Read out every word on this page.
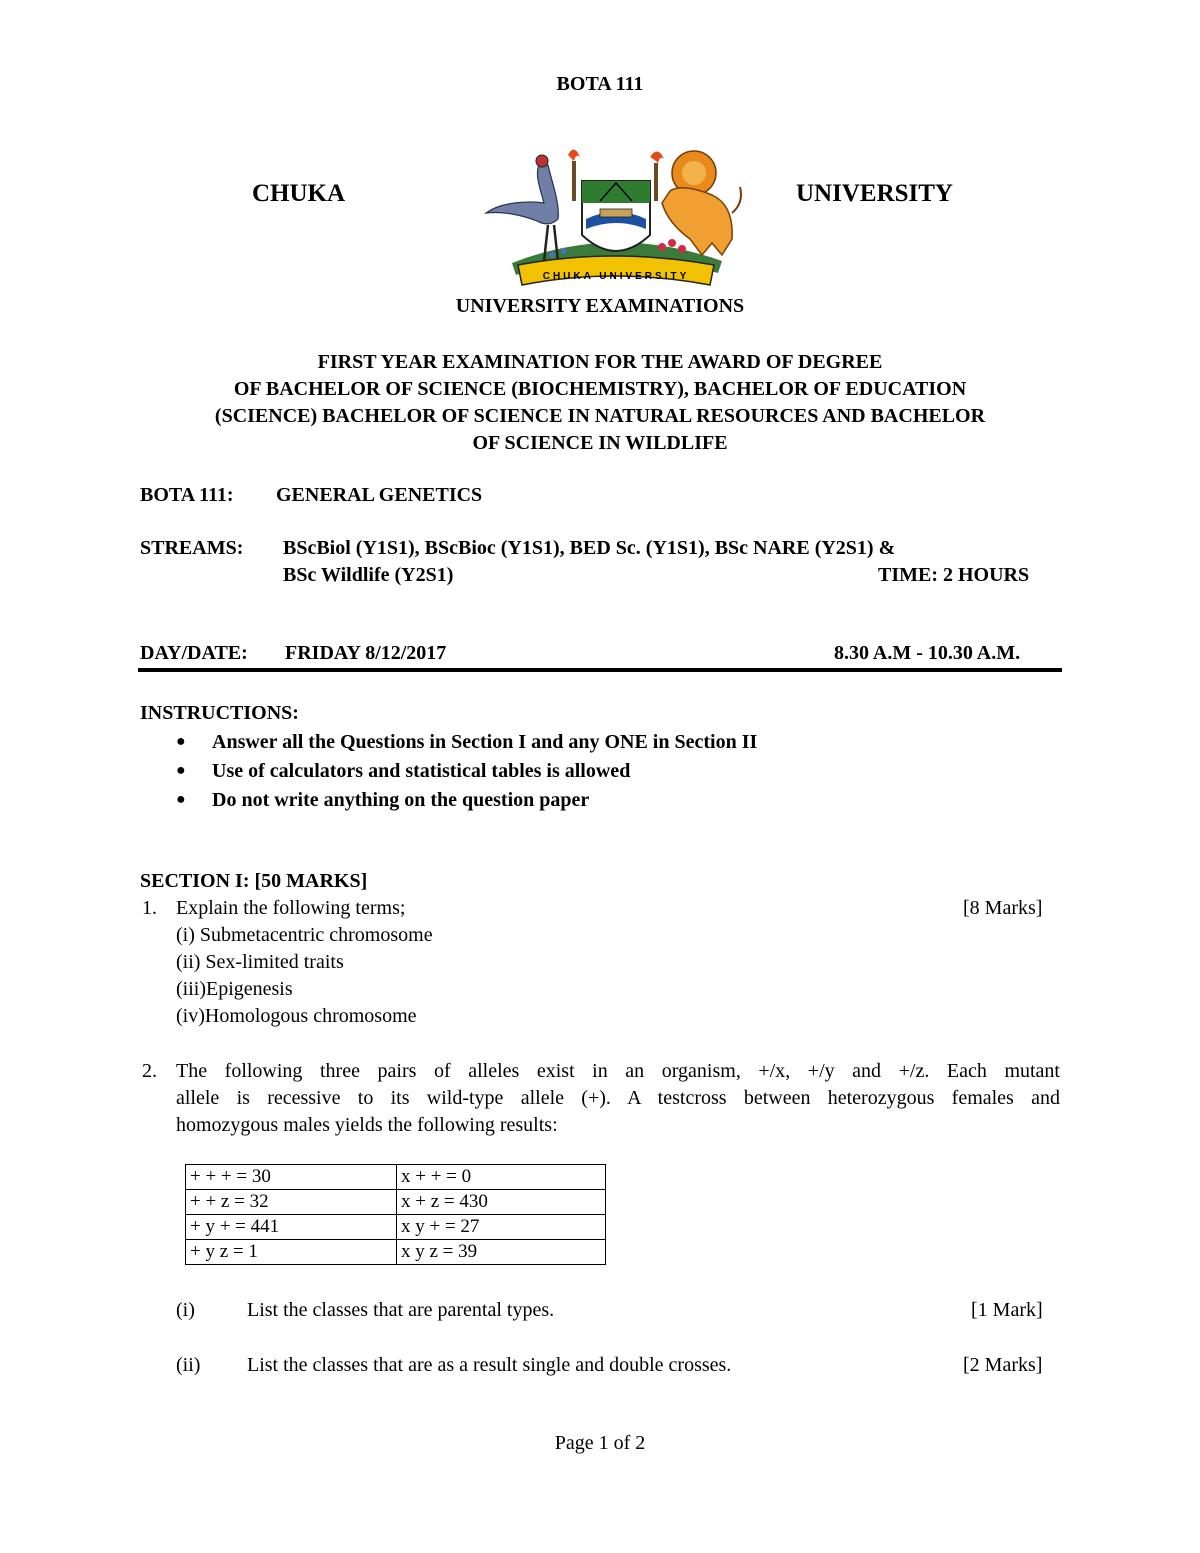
BOTA 111
CHUKA	UNIVERSITY
CHUKA UNIVERSITY
UNIVERSITY EXAMINATIONS
FIRST YEAR EXAMINATION FOR THE AWARD OF DEGREE
OF BACHELOR OF SCIENCE (BIOCHEMISTRY), BACHELOR OF EDUCATION
(SCIENCE) BACHELOR OF SCIENCE IN NATURAL RESOURCES AND BACHELOR
OF SCIENCE IN WILDLIFE
BOTA 111: GENERAL GENETICS
STREAMS: BScBiol (Y1S1), BScBioc (Y1S1), BED Sc. (Y1S1), BSc NARE (Y2S1) &
BSc Wildlife (Y2S1)	TIME: 2 HOURS
DAY/DATE: FRIDAY 8/12/2017	8.30 A.M - 10.30 A.M.
INSTRUCTIONS:
● Answer all the Questions in Section I and any ONE in Section II
● Use of calculators and statistical tables is allowed
● Do not write anything on the question paper
SECTION I: [50 MARKS]
1. Explain the following terms;	[8 Marks]
(i) Submetacentric chromosome
(ii) Sex-limited traits
(iii)Epigenesis
(iv)Homologous chromosome
2. The following three pairs of alleles exist in an organism, +/x, +/y and +/z. Each mutant
allele is recessive to its wild-type allele (+). A testcross between heterozygous females and
homozygous males yields the following results:
+ + + = 30	x + + = 0
+ + z = 32	x + z = 430
+ y + = 441	x y + = 27
+ y z = 1	x y z = 39
(i)	List the classes that are parental types.	[1 Mark]
(ii) List the classes that are as a result single and double crosses.	[2 Marks]
Page 1 of 2
